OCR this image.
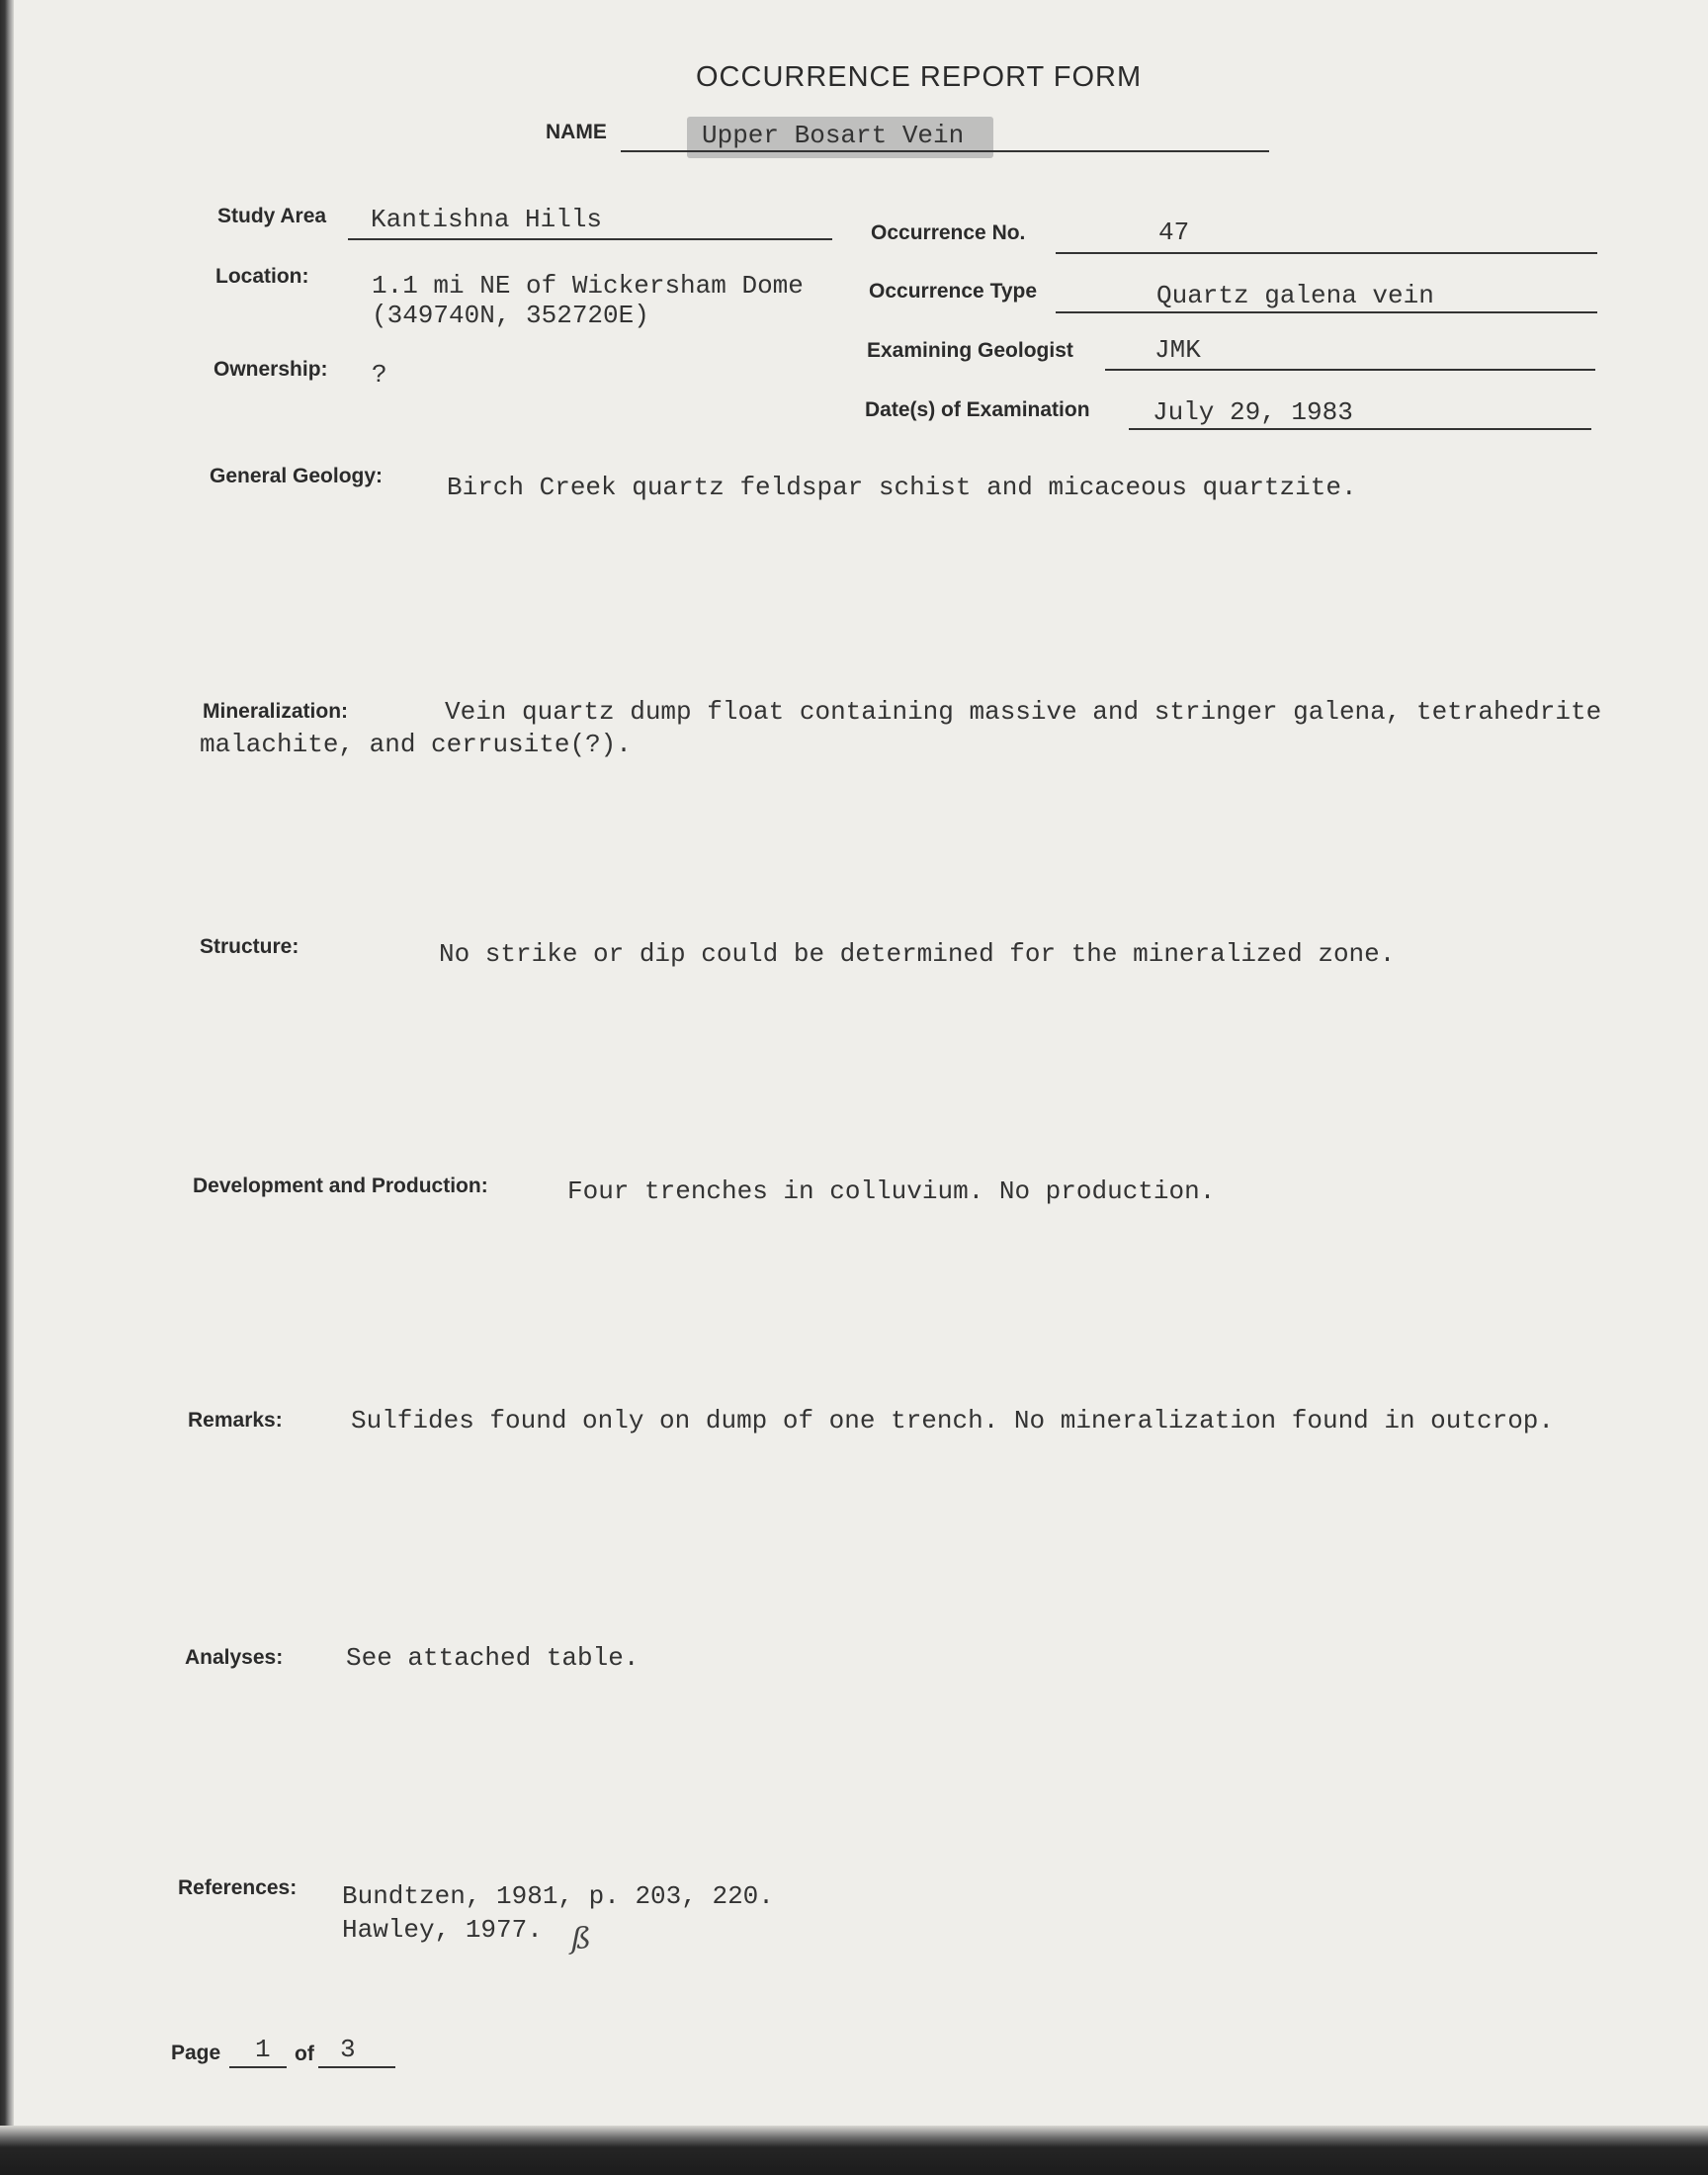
OCCURRENCE REPORT FORM
NAME	Upper Bosart Vein
Study Area Kantishna Hills
Location: 1.1 mi NE of Wickersham Dome
(349740N, 352720E)
Ownership: ?
Occurrence No.	47
Occurrence Type	Quartz galena vein
Examining Geologist	JMK
Date(s) of Examination July 29, 1983
General Geology: Birch Creek quartz feldspar schist and micaceous quartzite.
Mineralization:	Vein quartz dump float containing massive and stringer galena, tetrahedrite
malachite, and cerrusite(?).
Structure:	No strike or dip could be determined for the mineralized zone.
Development and Production:	Four trenches in colluvium. No production.
Remarks:	Sulfides found only on dump of one trench. No mineralization found in outcrop.
Analyses: See attached table.
References: Bundtzen, 1981, p. 203, 220.
Hawley, 1977. ß
Page 1 of 3
